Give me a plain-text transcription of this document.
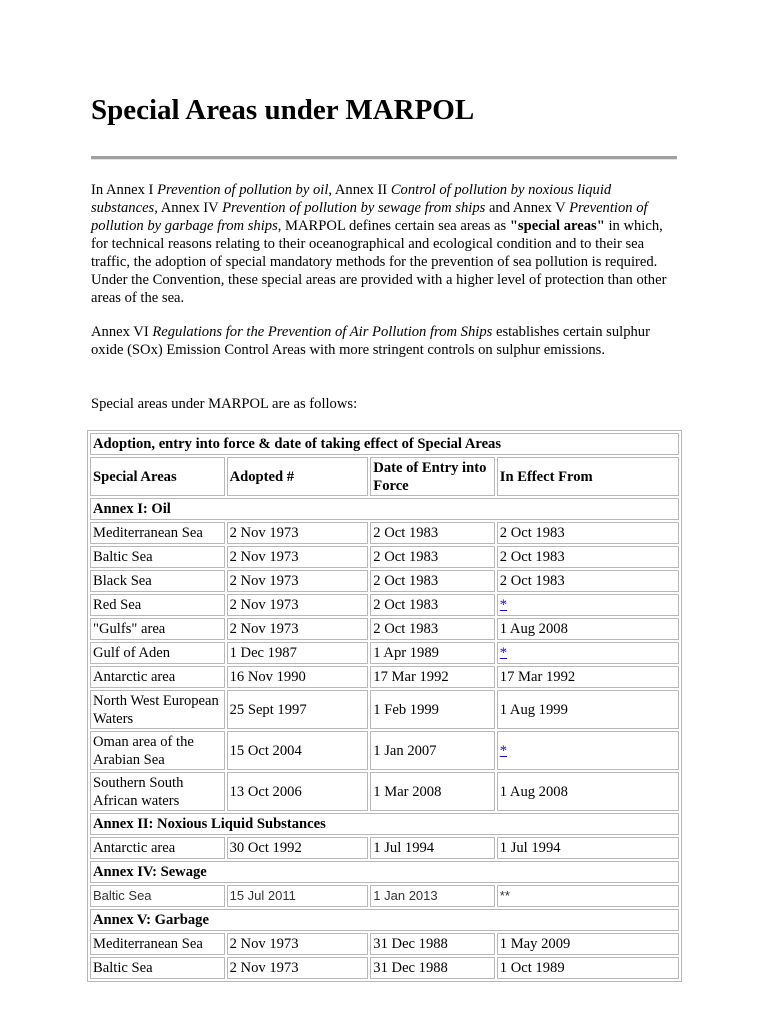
Special Areas under MARPOL

In Annex I Prevention of pollution by oil, Annex II Control of pollution by noxious liquid substances, Annex IV Prevention of pollution by sewage from ships and Annex V Prevention of pollution by garbage from ships, MARPOL defines certain sea areas as "special areas" in which, for technical reasons relating to their oceanographical and ecological condition and to their sea traffic, the adoption of special mandatory methods for the prevention of sea pollution is required. Under the Convention, these special areas are provided with a higher level of protection than other areas of the sea.

Annex VI Regulations for the Prevention of Air Pollution from Ships establishes certain sulphur oxide (SOx) Emission Control Areas with more stringent controls on sulphur emissions.

Special areas under MARPOL are as follows:

Adoption, entry into force & date of taking effect of Special Areas			
Special Areas	Adopted #	Date of Entry into Force	In Effect From
Annex I: Oil			
Mediterranean Sea	2 Nov 1973	2 Oct 1983	2 Oct 1983
Baltic Sea	2 Nov 1973	2 Oct 1983	2 Oct 1983
Black Sea	2 Nov 1973	2 Oct 1983	2 Oct 1983
Red Sea	2 Nov 1973	2 Oct 1983	*
"Gulfs" area	2 Nov 1973	2 Oct 1983	1 Aug 2008
Gulf of Aden	1 Dec 1987	1 Apr 1989	*
Antarctic area	16 Nov 1990	17 Mar 1992	17 Mar 1992
North West European Waters	25 Sept 1997	1 Feb 1999	1 Aug 1999
Oman area of the Arabian Sea	15 Oct 2004	1 Jan 2007	*
Southern South African waters	13 Oct 2006	1 Mar 2008	1 Aug 2008
Annex II: Noxious Liquid Substances			
Antarctic area	30 Oct 1992	1 Jul 1994	1 Jul 1994
Annex IV: Sewage			
Baltic Sea	15 Jul 2011	1 Jan 2013	**
Annex V: Garbage			
Mediterranean Sea	2 Nov 1973	31 Dec 1988	1 May 2009
Baltic Sea	2 Nov 1973	31 Dec 1988	1 Oct 1989
